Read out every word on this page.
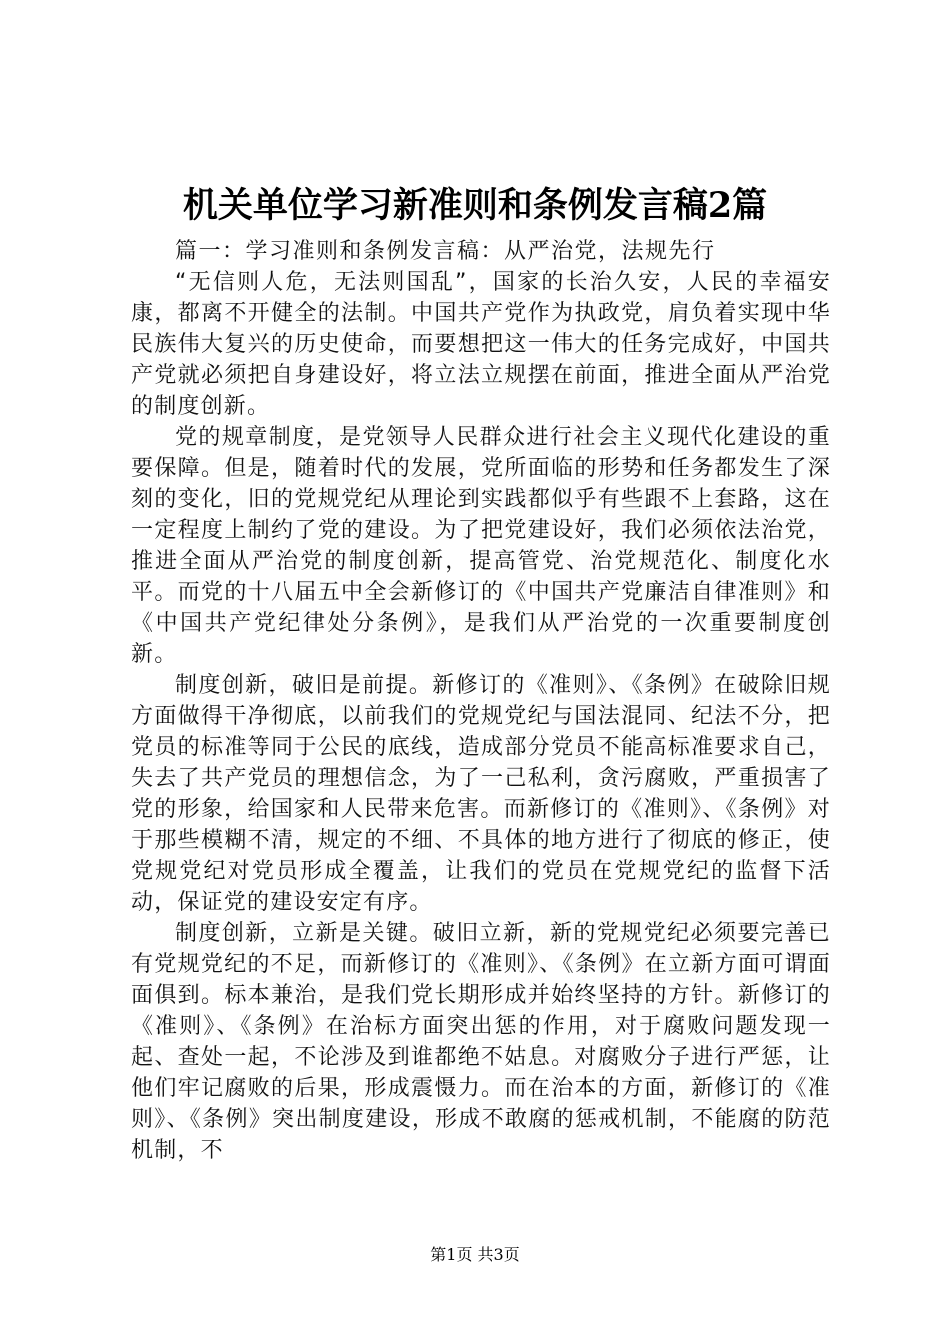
机关单位学习新准则和条例发言稿2篇

篇一：学习准则和条例发言稿：从严治党，法规先行

“无信则人危，无法则国乱”，国家的长治久安，人民的幸福安康，都离不开健全的法制。中国共产党作为执政党，肩负着实现中华民族伟大复兴的历史使命，而要想把这一伟大的任务完成好，中国共产党就必须把自身建设好，将立法立规摆在前面，推进全面从严治党的制度创新。

党的规章制度，是党领导人民群众进行社会主义现代化建设的重要保障。但是，随着时代的发展，党所面临的形势和任务都发生了深刻的变化，旧的党规党纪从理论到实践都似乎有些跟不上套路，这在一定程度上制约了党的建设。为了把党建设好，我们必须依法治党，推进全面从严治党的制度创新，提高管党、治党规范化、制度化水平。而党的十八届五中全会新修订的《中国共产党廉洁自律准则》和《中国共产党纪律处分条例》，是我们从严治党的一次重要制度创新。

制度创新，破旧是前提。新修订的《准则》、《条例》在破除旧规方面做得干净彻底，以前我们的党规党纪与国法混同、纪法不分，把党员的标准等同于公民的底线，造成部分党员不能高标准要求自己，失去了共产党员的理想信念，为了一己私利，贪污腐败，严重损害了党的形象，给国家和人民带来危害。而新修订的《准则》、《条例》对于那些模糊不清，规定的不细、不具体的地方进行了彻底的修正，使党规党纪对党员形成全覆盖，让我们的党员在党规党纪的监督下活动，保证党的建设安定有序。

制度创新，立新是关键。破旧立新，新的党规党纪必须要完善已有党规党纪的不足，而新修订的《准则》、《条例》在立新方面可谓面面俱到。标本兼治，是我们党长期形成并始终坚持的方针。新修订的《准则》、《条例》在治标方面突出惩的作用，对于腐败问题发现一起、查处一起，不论涉及到谁都绝不姑息。对腐败分子进行严惩，让他们牢记腐败的后果，形成震慑力。而在治本的方面，新修订的《准则》、《条例》突出制度建设，形成不敢腐的惩戒机制，不能腐的防范机制，不

第1页 共3页
